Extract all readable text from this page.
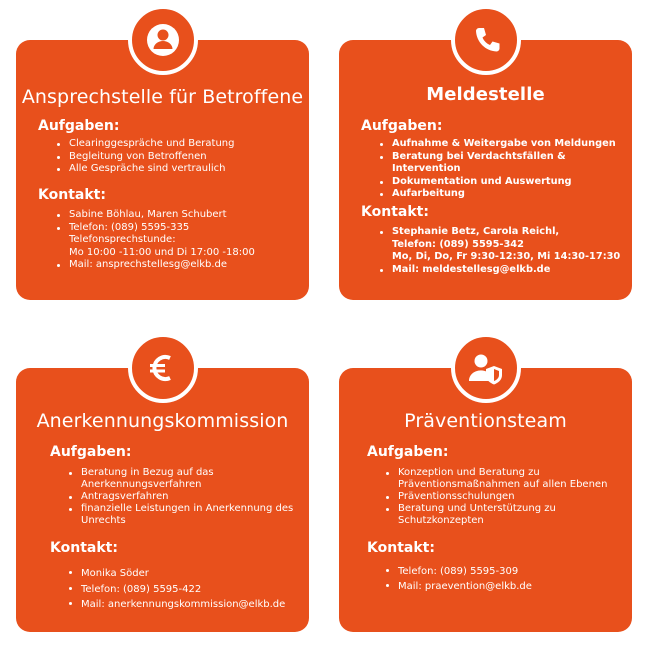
Ansprechstelle für Betroffene
Aufgaben:
Clearinggespräche und Beratung
Begleitung von Betroffenen
Alle Gespräche sind vertraulich
Kontakt:
Sabine Böhlau, Maren Schubert
Telefon: (089) 5595-335
Telefonsprechstunde:
Mo 10:00 -11:00 und Di 17:00 -18:00
Mail: ansprechstellesg@elkb.de
Meldestelle
Aufgaben:
Aufnahme & Weitergabe von Meldungen
Beratung bei Verdachtsfällen & Intervention
Dokumentation und Auswertung
Aufarbeitung
Kontakt:
Stephanie Betz, Carola Reichl,
Telefon: (089) 5595-342
Mo, Di, Do, Fr 9:30-12:30, Mi 14:30-17:30
Mail: meldestellesg@elkb.de
Anerkennungskommission
Aufgaben:
Beratung in Bezug auf das
Anerkennungsverfahren
Antragsverfahren
finanzielle Leistungen in Anerkennung des
Unrechts
Kontakt:
Monika Söder
Telefon: (089) 5595-422
Mail: anerkennungskommission@elkb.de
Präventionsteam
Aufgaben:
Konzeption und Beratung zu
Präventionsmaßnahmen auf allen Ebenen
Präventionsschulungen
Beratung und Unterstützung zu
Schutzkonzepten
Kontakt:
Telefon: (089) 5595-309
Mail: praevention@elkb.de
